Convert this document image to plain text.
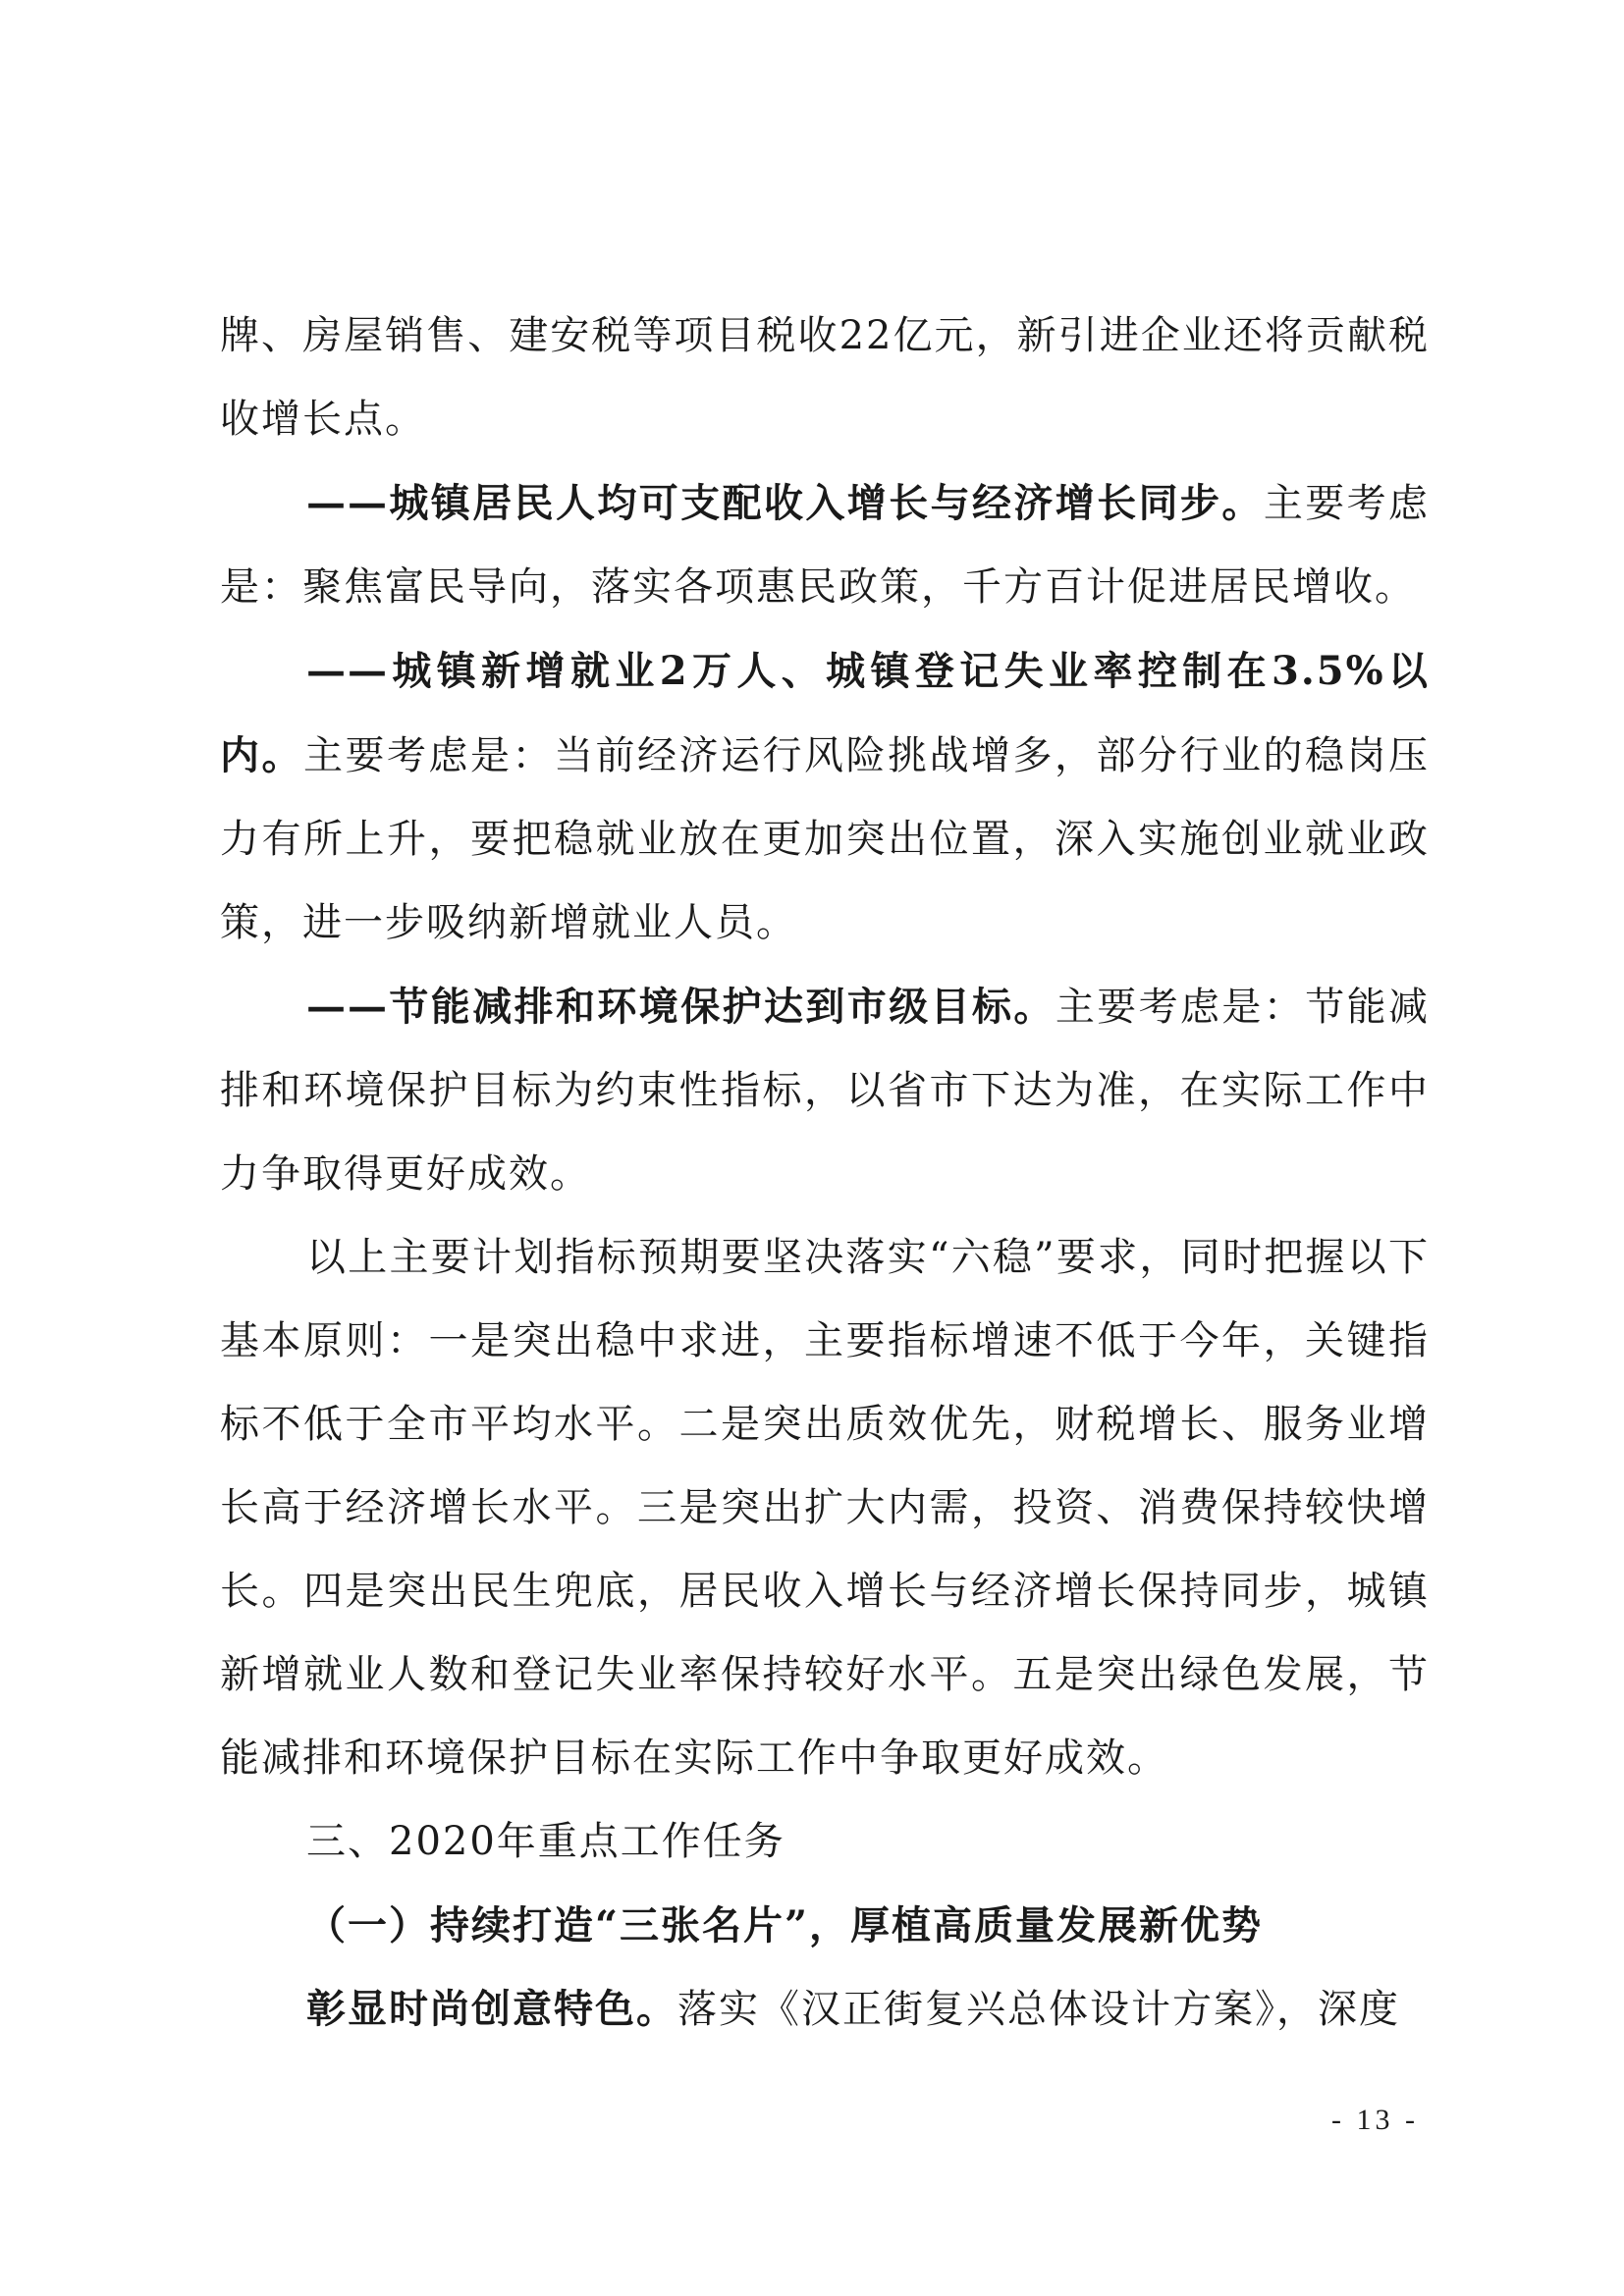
牌、房屋销售、建安税等项目税收22亿元，新引进企业还将贡献税收增长点。

——城镇居民人均可支配收入增长与经济增长同步。主要考虑是：聚焦富民导向，落实各项惠民政策，千方百计促进居民增收。

——城镇新增就业2万人、城镇登记失业率控制在3.5%以内。主要考虑是：当前经济运行风险挑战增多，部分行业的稳岗压力有所上升，要把稳就业放在更加突出位置，深入实施创业就业政策，进一步吸纳新增就业人员。

——节能减排和环境保护达到市级目标。主要考虑是：节能减排和环境保护目标为约束性指标，以省市下达为准，在实际工作中力争取得更好成效。

以上主要计划指标预期要坚决落实“六稳”要求，同时把握以下基本原则：一是突出稳中求进，主要指标增速不低于今年，关键指标不低于全市平均水平。二是突出质效优先，财税增长、服务业增长高于经济增长水平。三是突出扩大内需，投资、消费保持较快增长。四是突出民生兜底，居民收入增长与经济增长保持同步，城镇新增就业人数和登记失业率保持较好水平。五是突出绿色发展，节能减排和环境保护目标在实际工作中争取更好成效。

三、2020年重点工作任务

（一）持续打造“三张名片”，厚植高质量发展新优势

彰显时尚创意特色。落实《汉正街复兴总体设计方案》，深度

- 13 -
